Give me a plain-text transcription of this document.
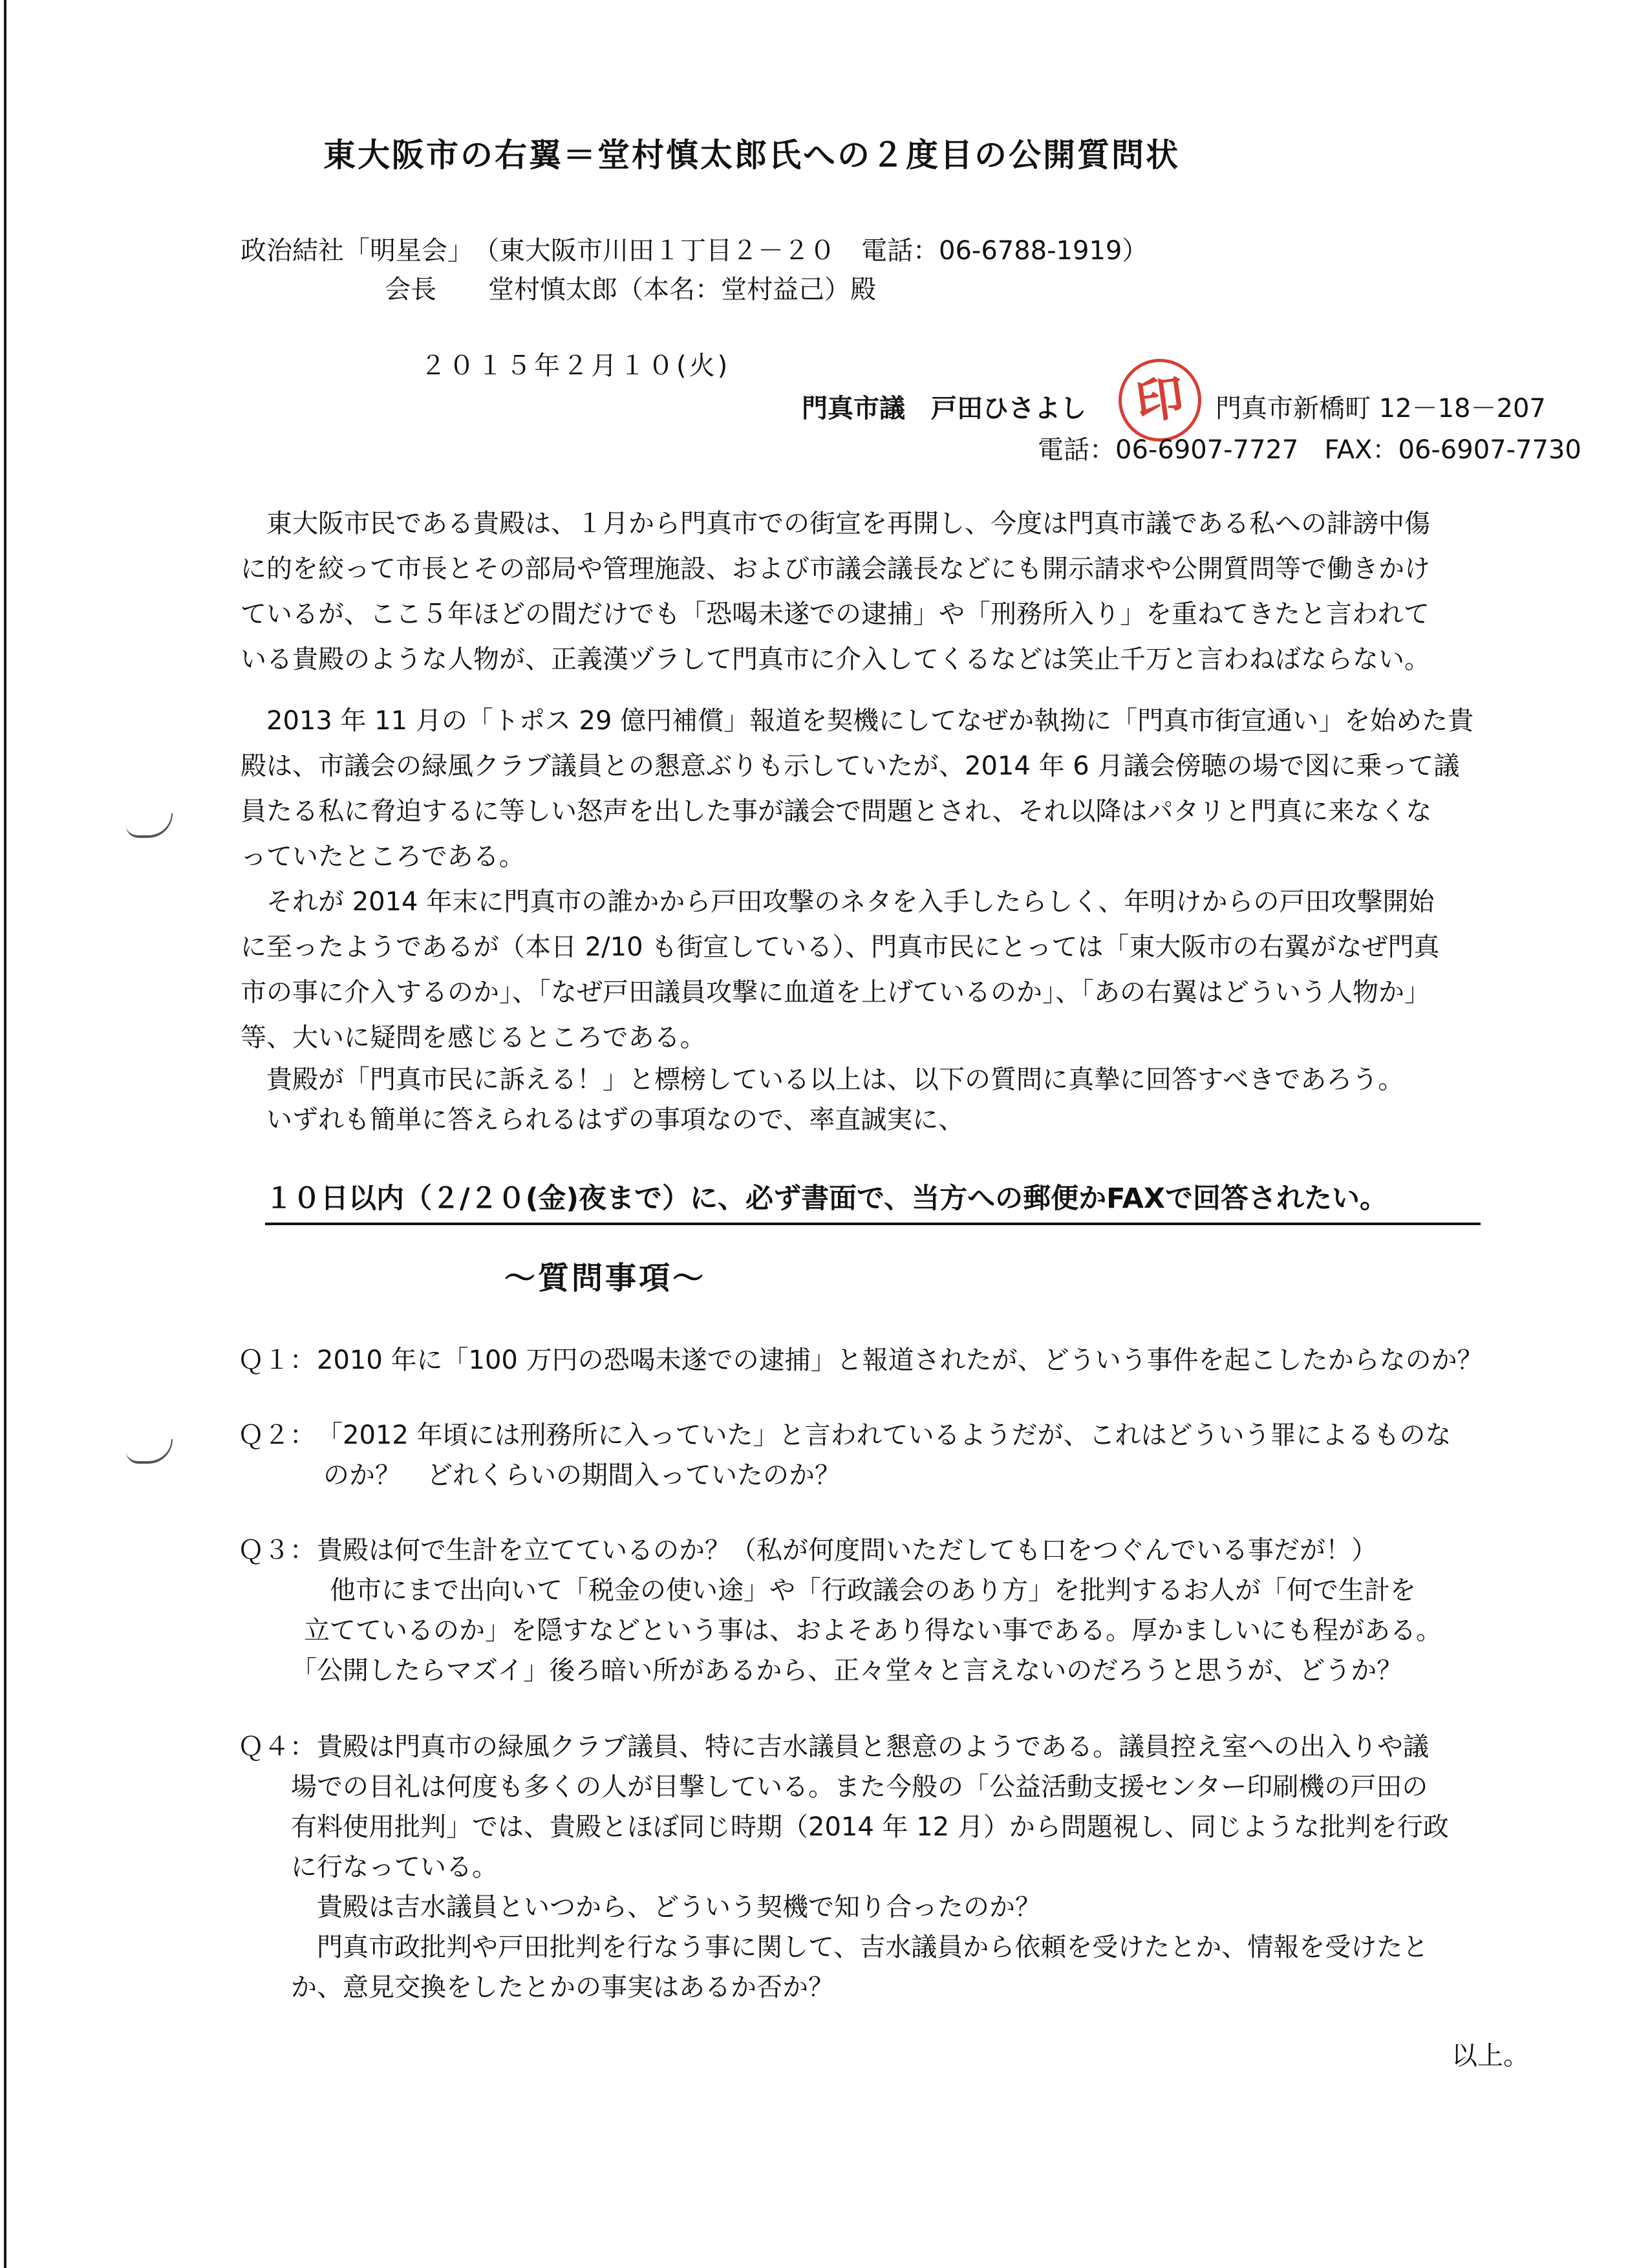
東大阪市の右翼＝堂村慎太郎氏への２度目の公開質問状
政治結社「明星会」　（東大阪市川田１丁目２－２０　電話：06-6788-1919）
会長　　堂村慎太郎（本名：堂村益己）殿
２０１５年２月１０(火)
門真市議　戸田ひさよし 印	門真市新橋町 12－18－207
電話：06-6907-7727　FAX：06-6907-7730
　東大阪市民である貴殿は、１月から門真市での街宣を再開し、今度は門真市議である私への誹謗中傷
に的を絞って市長とその部局や管理施設、および市議会議長などにも開示請求や公開質問等で働きかけ
ているが、ここ５年ほどの間だけでも「恐喝未遂での逮捕」や「刑務所入り」を重ねてきたと言われて
いる貴殿のような人物が、正義漢ヅラして門真市に介入してくるなどは笑止千万と言わねばならない。
　2013 年 11 月の「トポス 29 億円補償」報道を契機にしてなぜか執拗に「門真市街宣通い」を始めた貴
殿は、市議会の緑風クラブ議員との懇意ぶりも示していたが、2014 年 6 月議会傍聴の場で図に乗って議
員たる私に脅迫するに等しい怒声を出した事が議会で問題とされ、それ以降はパタリと門真に来なくな
っていたところである。
　それが 2014 年末に門真市の誰かから戸田攻撃のネタを入手したらしく、年明けからの戸田攻撃開始
に至ったようであるが（本日 2/10 も街宣している）、門真市民にとっては「東大阪市の右翼がなぜ門真
市の事に介入するのか」、「なぜ戸田議員攻撃に血道を上げているのか」、「あの右翼はどういう人物か」
等、大いに疑問を感じるところである。
　貴殿が「門真市民に訴える！」と標榜している以上は、以下の質問に真摯に回答すべきであろう。
　いずれも簡単に答えられるはずの事項なので、率直誠実に、
１０日以内（２/２０(金)夜まで）に、必ず書面で、当方への郵便かFAXで回答されたい。
～質問事項～
Ｑ１： 2010 年に「100 万円の恐喝未遂での逮捕」と報道されたが、どういう事件を起こしたからなのか？
Ｑ２： 「2012 年頃には刑務所に入っていた」と言われているようだが、これはどういう罪によるものな
　のか？　どれくらいの期間入っていたのか？
Ｑ３： 貴殿は何で生計を立てているのか？（私が何度問いただしても口をつぐんでいる事だが！）
　　他市にまで出向いて「税金の使い途」や「行政議会のあり方」を批判するお人が「何で生計を
　立てているのか」を隠すなどという事は、およそあり得ない事である。厚かましいにも程がある。
　「公開したらマズイ」後ろ暗い所があるから、正々堂々と言えないのだろうと思うが、どうか？
Ｑ４： 貴殿は門真市の緑風クラブ議員、特に吉水議員と懇意のようである。議員控え室への出入りや議
場での目礼は何度も多くの人が目撃している。また今般の「公益活動支援センター印刷機の戸田の
有料使用批判」では、貴殿とほぼ同じ時期（2014 年 12 月）から問題視し、同じような批判を行政
に行なっている。
　貴殿は吉水議員といつから、どういう契機で知り合ったのか？
　門真市政批判や戸田批判を行なう事に関して、吉水議員から依頼を受けたとか、情報を受けたと
か、意見交換をしたとかの事実はあるか否か？
以上。
